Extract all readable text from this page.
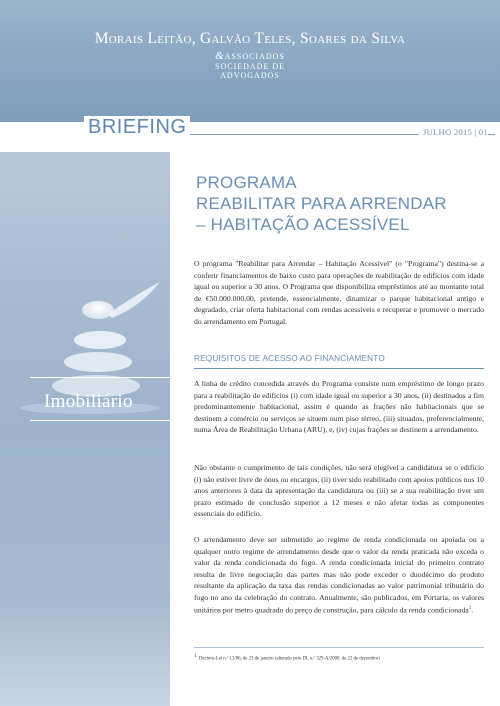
Morais Leitão, Galvão Teles, Soares da Silva
&ASSOCIADOS
SOCIEDADE DE
ADVOGADOS
BRIEFING	JULHO 2015 | 01
Imobiliário
PROGRAMA
REABILITAR PARA ARRENDAR
– HABITAÇÃO ACESSÍVEL
O programa "Reabilitar para Arrendar – Habitação Acessível" (o "Programa") destina-se a conferir financiamentos de baixo custo para operações de reabilitação de edifícios com idade igual ou superior a 30 anos. O Programa que disponibiliza empréstimos até ao montante total de €50.000.000,00, pretende, essencialmente, dinamizar o parque habitacional antigo e degradado, criar oferta habitacional com rendas acessíveis e recuperar e promover o mercado do arrendamento em Portugal.
REQUISITOS DE ACESSO AO FINANCIAMENTO
A linha de crédito concedida através do Programa consiste num empréstimo de longo prazo para a reabilitação de edifícios (i) com idade igual ou superior a 30 anos, (ii) destinados a fim predominantemente habitacional, assim é quando as frações não habitacionais que se destinem a comércio ou serviços se situem num piso térreo, (iii) situados, preferencialmente, numa Área de Reabilitação Urbana (ARU), e, (iv) cujas frações se destinem a arrendamento.
Não obstante o cumprimento de tais condições, não será elegível a candidatura se o edifício (i) não estiver livre de ónus ou encargos, (ii) tiver sido reabilitado com apoios públicos nos 10 anos anteriores à data da apresentação da candidatura ou (iii) se a sua reabilitação tiver um prazo estimado de conclusão superior a 12 meses e não afetar todas as componentes essenciais do edifício.
O arrendamento deve ser submetido ao regime de renda condicionada ou apoiada ou a qualquer outro regime de arrendamento desde que o valor da renda praticada não exceda o valor da renda condicionada do fogo. A renda condicionada inicial do primeiro contrato resulta de livre negociação das partes mas não pode exceder o duodécimo do produto resultante da aplicação da taxa das rendas condicionadas ao valor patrimonial tributário do fogo no ano da celebração do contrato. Anualmente, são publicados, em Portaria, os valores unitários por metro quadrado do preço de construção, para cálculo da renda condicionada$^1$.
$^1$  Decreto-Lei n.º 13/86, de 23 de janeiro (alterado pelo DL n.º 329-A/2000, de 22 de dezembro)
